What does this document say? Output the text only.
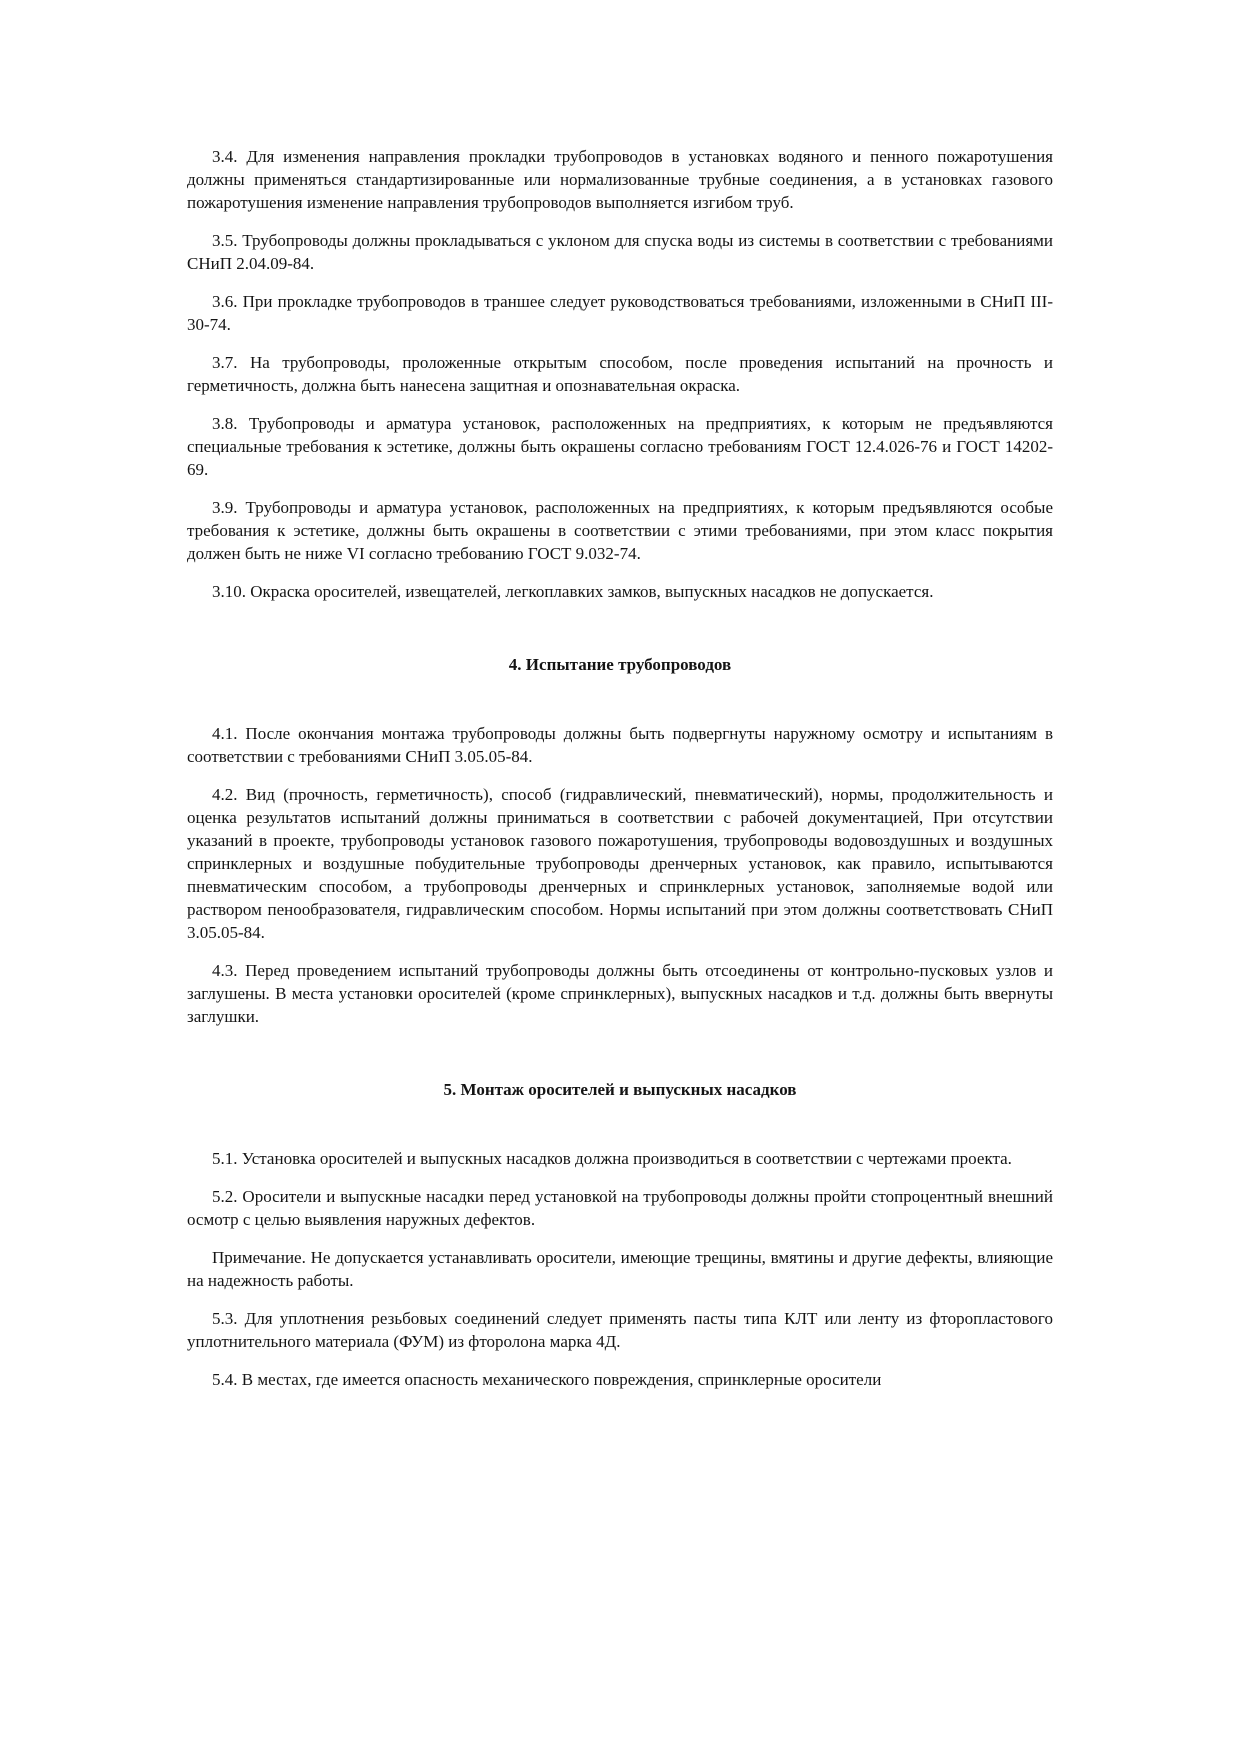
3.4. Для изменения направления прокладки трубопроводов в установках водяного и пенного пожаротушения должны применяться стандартизированные или нормализованные трубные соединения, а в установках газового пожаротушения изменение направления трубопроводов выполняется изгибом труб.

3.5. Трубопроводы должны прокладываться с уклоном для спуска воды из системы в соответствии с требованиями СНиП 2.04.09-84.

3.6. При прокладке трубопроводов в траншее следует руководствоваться требованиями, изложенными в СНиП III-30-74.

3.7. На трубопроводы, проложенные открытым способом, после проведения испытаний на прочность и герметичность, должна быть нанесена защитная и опознавательная окраска.

3.8. Трубопроводы и арматура установок, расположенных на предприятиях, к которым не предъявляются специальные требования к эстетике, должны быть окрашены согласно требованиям ГОСТ 12.4.026-76 и ГОСТ 14202-69.

3.9. Трубопроводы и арматура установок, расположенных на предприятиях, к которым предъявляются особые требования к эстетике, должны быть окрашены в соответствии с этими требованиями, при этом класс покрытия должен быть не ниже VI согласно требованию ГОСТ 9.032-74.

3.10. Окраска оросителей, извещателей, легкоплавких замков, выпускных насадков не допускается.

4. Испытание трубопроводов

4.1. После окончания монтажа трубопроводы должны быть подвергнуты наружному осмотру и испытаниям в соответствии с требованиями СНиП 3.05.05-84.

4.2. Вид (прочность, герметичность), способ (гидравлический, пневматический), нормы, продолжительность и оценка результатов испытаний должны приниматься в соответствии с рабочей документацией, При отсутствии указаний в проекте, трубопроводы установок газового пожаротушения, трубопроводы водовоздушных и воздушных спринклерных и воздушные побудительные трубопроводы дренчерных установок, как правило, испытываются пневматическим способом, а трубопроводы дренчерных и спринклерных установок, заполняемые водой или раствором пенообразователя, гидравлическим способом. Нормы испытаний при этом должны соответствовать СНиП 3.05.05-84.

4.3. Перед проведением испытаний трубопроводы должны быть отсоединены от контрольно-пусковых узлов и заглушены. В места установки оросителей (кроме спринклерных), выпускных насадков и т.д. должны быть ввернуты заглушки.

5. Монтаж оросителей и выпускных насадков

5.1. Установка оросителей и выпускных насадков должна производиться в соответствии с чертежами проекта.

5.2. Оросители и выпускные насадки перед установкой на трубопроводы должны пройти стопроцентный внешний осмотр с целью выявления наружных дефектов.

Примечание. Не допускается устанавливать оросители, имеющие трещины, вмятины и другие дефекты, влияющие на надежность работы.

5.3. Для уплотнения резьбовых соединений следует применять пасты типа КЛТ или ленту из фторопластового уплотнительного материала (ФУМ) из фторолона марка 4Д.

5.4. В местах, где имеется опасность механического повреждения, спринклерные оросители
